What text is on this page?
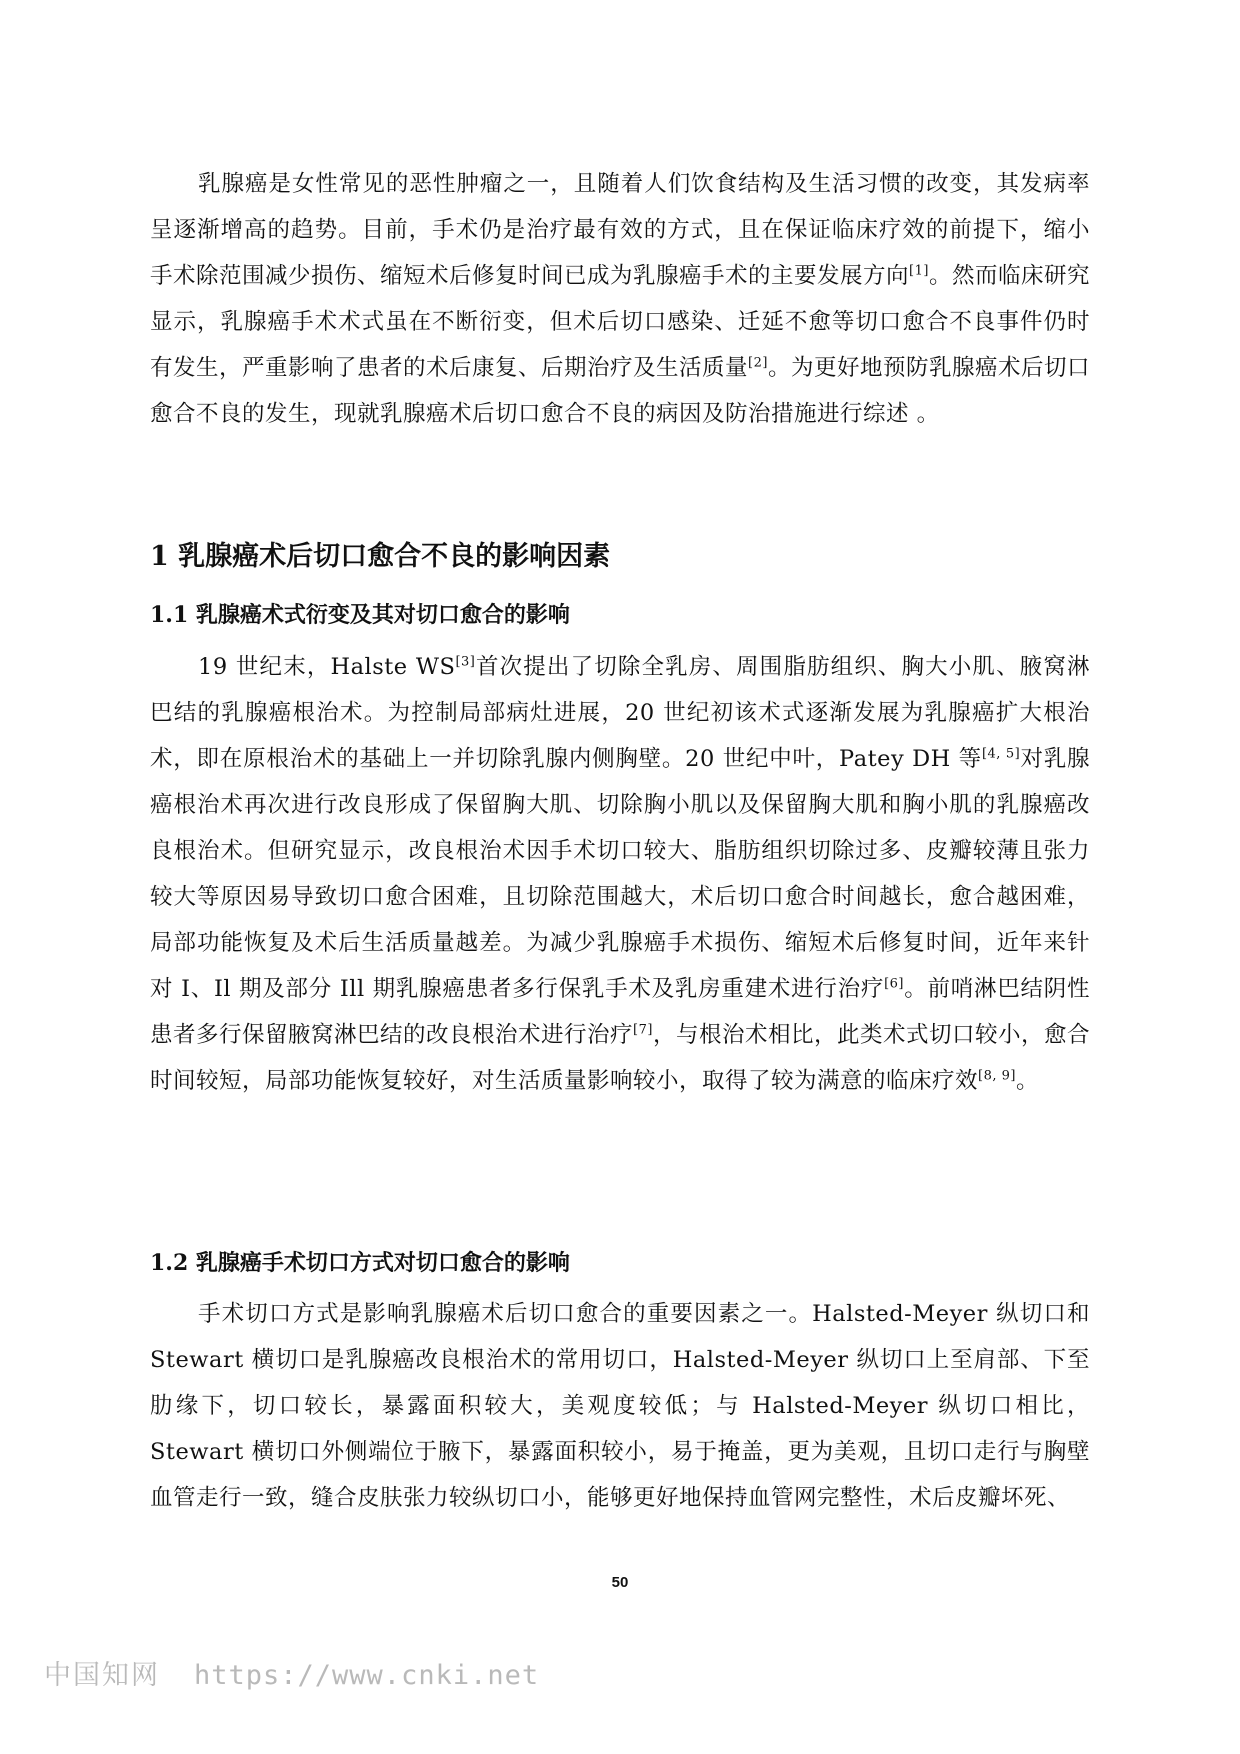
乳腺癌是女性常见的恶性肿瘤之一，且随着人们饮食结构及生活习惯的改变，其发病率呈逐渐增高的趋势。目前，手术仍是治疗最有效的方式，且在保证临床疗效的前提下，缩小手术除范围减少损伤、缩短术后修复时间已成为乳腺癌手术的主要发展方向[1]。然而临床研究显示，乳腺癌手术术式虽在不断衍变，但术后切口感染、迁延不愈等切口愈合不良事件仍时有发生，严重影响了患者的术后康复、后期治疗及生活质量[2]。为更好地预防乳腺癌术后切口愈合不良的发生，现就乳腺癌术后切口愈合不良的病因及防治措施进行综述 。
1 乳腺癌术后切口愈合不良的影响因素
1.1 乳腺癌术式衍变及其对切口愈合的影响
19 世纪末，Halste WS[3]首次提出了切除全乳房、周围脂肪组织、胸大小肌、腋窝淋巴结的乳腺癌根治术。为控制局部病灶进展，20 世纪初该术式逐渐发展为乳腺癌扩大根治术，即在原根治术的基础上一并切除乳腺内侧胸壁。20 世纪中叶，Patey DH 等[4, 5]对乳腺癌根治术再次进行改良形成了保留胸大肌、切除胸小肌以及保留胸大肌和胸小肌的乳腺癌改良根治术。但研究显示，改良根治术因手术切口较大、脂肪组织切除过多、皮瓣较薄且张力较大等原因易导致切口愈合困难，且切除范围越大，术后切口愈合时间越长，愈合越困难，局部功能恢复及术后生活质量越差。为减少乳腺癌手术损伤、缩短术后修复时间，近年来针对 I、Il 期及部分 Ill 期乳腺癌患者多行保乳手术及乳房重建术进行治疗[6]。前哨淋巴结阴性患者多行保留腋窝淋巴结的改良根治术进行治疗[7]，与根治术相比，此类术式切口较小，愈合时间较短，局部功能恢复较好，对生活质量影响较小，取得了较为满意的临床疗效[8, 9]。
1.2 乳腺癌手术切口方式对切口愈合的影响
手术切口方式是影响乳腺癌术后切口愈合的重要因素之一。Halsted-Meyer 纵切口和 Stewart 横切口是乳腺癌改良根治术的常用切口，Halsted-Meyer 纵切口上至肩部、下至肋缘下，切口较长，暴露面积较大，美观度较低；与 Halsted-Meyer 纵切口相比，Stewart 横切口外侧端位于腋下，暴露面积较小，易于掩盖，更为美观，且切口走行与胸壁血管走行一致，缝合皮肤张力较纵切口小，能够更好地保持血管网完整性，术后皮瓣坏死、
50
中国知网 https://www.cnki.net
